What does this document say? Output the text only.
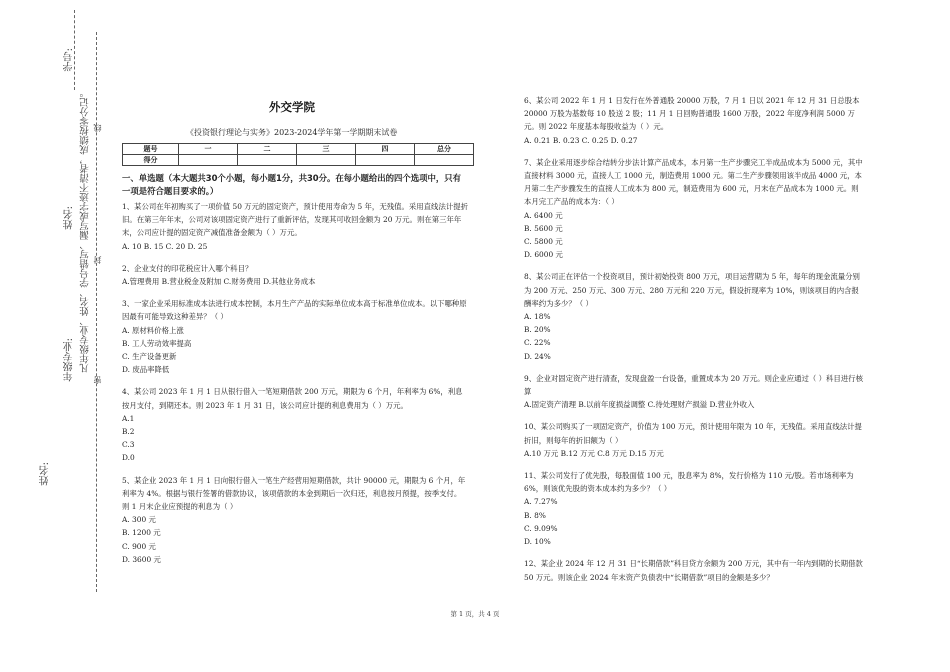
学号:
姓名:
年级专业:
姓名:
凡年级专业、姓名、学号错写、漏写或字迹不清者，成绩按零分记。
密
封
线
外交学院
《投资银行理论与实务》2023-2024学年第一学期期末试卷
题号	一	二	三	四	总分
得分					

一、单选题（本大题共30个小题，每小题1分，共30分。在每小题给出的四个选项中，只有一项是符合题目要求的。）

1、某公司在年初购买了一项价值 50 万元的固定资产，预计使用寿命为 5 年，无残值。采用直线法计提折旧。在第三年年末，公司对该项固定资产进行了重新评估，发现其可收回金额为 20 万元。则在第三年年末，公司应计提的固定资产减值准备金额为（ ）万元。

A. 10 B. 15 C. 20 D. 25

2、企业支付的印花税应计入哪个科目？

A.管理费用 B.营业税金及附加 C.财务费用 D.其他业务成本

3、一家企业采用标准成本法进行成本控制，本月生产产品的实际单位成本高于标准单位成本。以下哪种原因最有可能导致这种差异？（ ）

A. 原材料价格上涨

B. 工人劳动效率提高

C. 生产设备更新

D. 废品率降低

4、某公司 2023 年 1 月 1 日从银行借入一笔短期借款 200 万元，期限为 6 个月，年利率为 6%，利息按月支付，到期还本。则 2023 年 1 月 31 日，该公司应计提的利息费用为（ ）万元。

A.1

B.2

C.3

D.0

5、某企业 2023 年 1 月 1 日向银行借入一笔生产经营用短期借款，共计 90000 元，期限为 6 个月，年利率为 4%。根据与银行签署的借款协议，该项借款的本金到期后一次归还，利息按月预提，按季支付。则 1 月末企业应预提的利息为（ ）

A. 300 元

B. 1200 元

C. 900 元

D. 3600 元

6、某公司 2022 年 1 月 1 日发行在外普通股 20000 万股，7 月 1 日以 2021 年 12 月 31 日总股本 20000 万股为基数每 10 股送 2 股；11 月 1 日回购普通股 1600 万股，2022 年度净利润 5000 万元。则 2022 年度基本每股收益为（ ）元。

A. 0.21 B. 0.23 C. 0.25 D. 0.27

7、某企业采用逐步综合结转分步法计算产品成本，本月第一生产步骤完工半成品成本为 5000 元，其中直接材料 3000 元，直接人工 1000 元，制造费用 1000 元。第二生产步骤领用该半成品 4000 元，本月第二生产步骤发生的直接人工成本为 800 元，制造费用为 600 元，月末在产品成本为 1000 元。则本月完工产品的成本为：（ ）

A. 6400 元

B. 5600 元

C. 5800 元

D. 6000 元

8、某公司正在评估一个投资项目，预计初始投资 800 万元，项目运营期为 5 年，每年的现金流量分别为 200 万元、250 万元、300 万元、280 万元和 220 万元，假设折现率为 10%，则该项目的内含报酬率约为多少？（ ）

A. 18%

B. 20%

C. 22%

D. 24%

9、企业对固定资产进行清查，发现盘盈一台设备，重置成本为 20 万元。则企业应通过（ ）科目进行核算

A.固定资产清理 B.以前年度损益调整 C.待处理财产损溢 D.营业外收入

10、某公司购买了一项固定资产，价值为 100 万元，预计使用年限为 10 年，无残值。采用直线法计提折旧，则每年的折旧额为（ ）

A.10 万元 B.12 万元 C.8 万元 D.15 万元

11、某公司发行了优先股，每股面值 100 元，股息率为 8%，发行价格为 110 元/股。若市场利率为 6%，则该优先股的资本成本约为多少？（ ）

A. 7.27%

B. 8%

C. 9.09%

D. 10%

12、某企业 2024 年 12 月 31 日“长期借款”科目贷方余额为 200 万元，其中有一年内到期的长期借款 50 万元。则该企业 2024 年末资产负债表中“长期借款”项目的金额是多少？

第 1 页，共 4 页
